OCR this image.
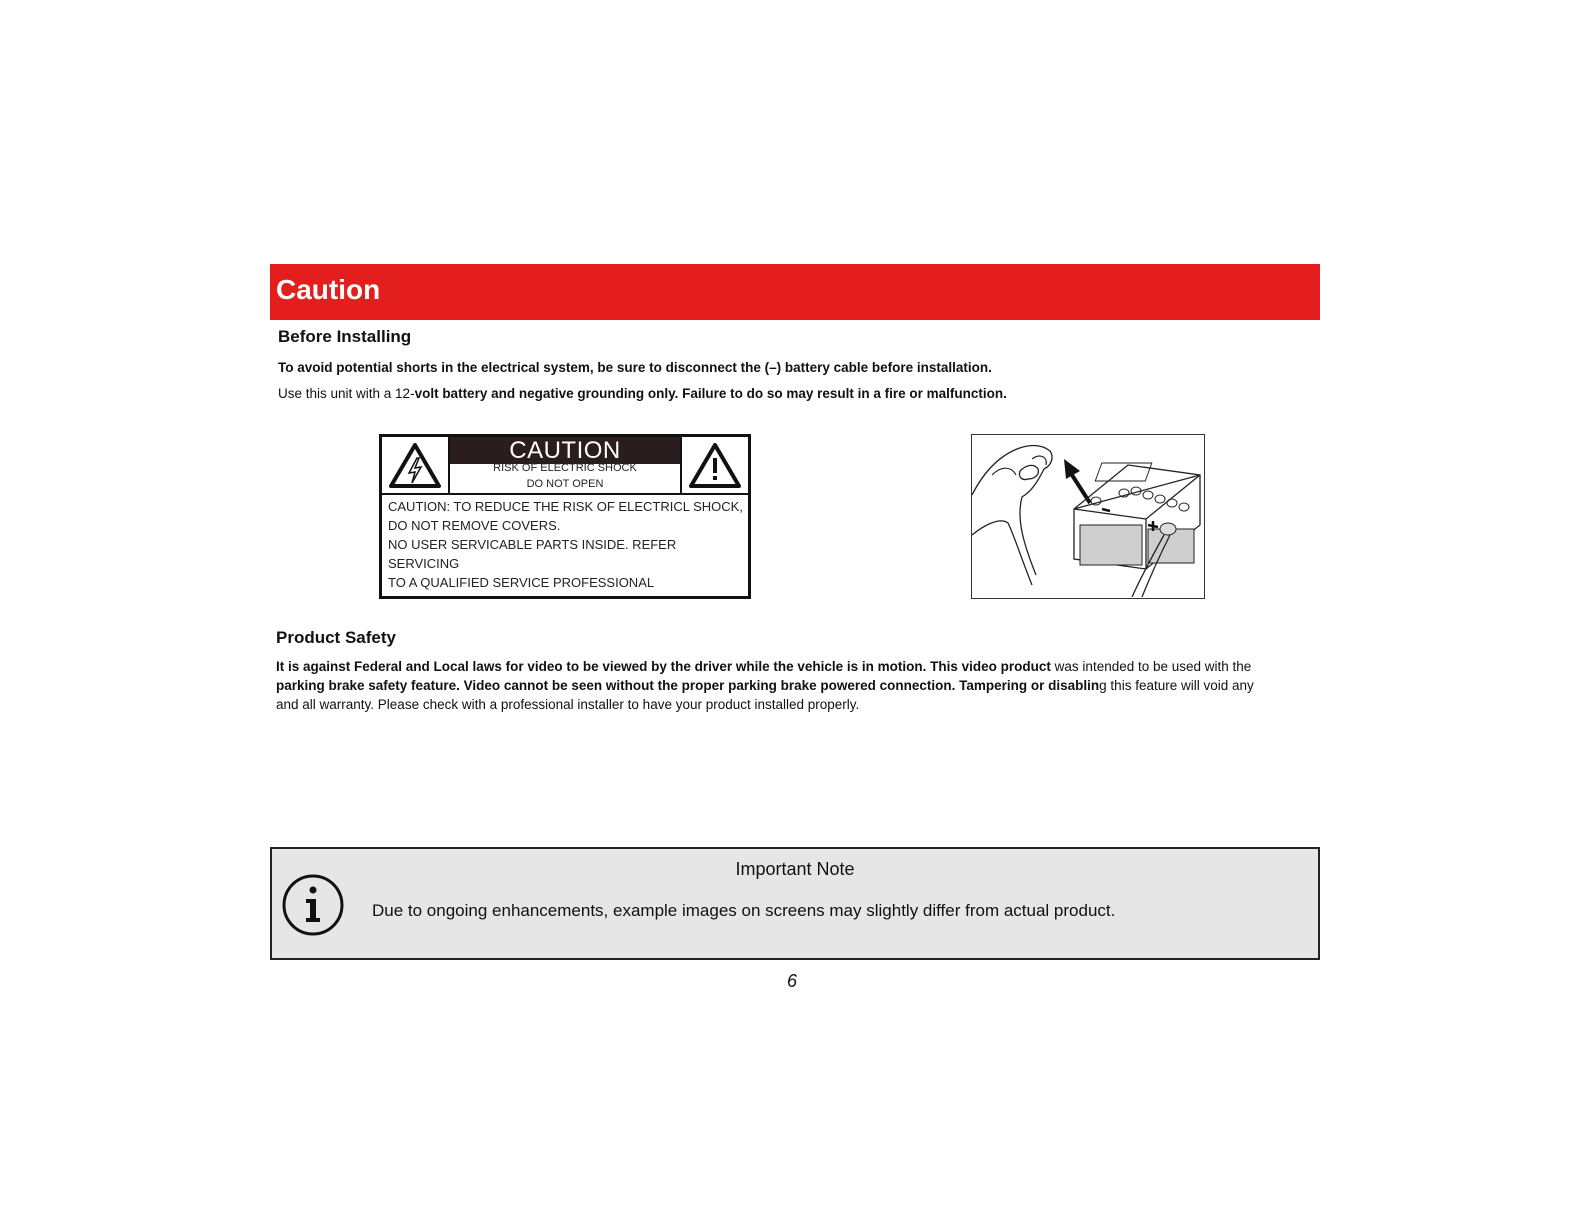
Caution
Before Installing
To avoid potential shorts in the electrical system, be sure to disconnect the (–) battery cable before installation.
Use this unit with a 12-volt battery and negative grounding only. Failure to do so may result in a fire or malfunction.
CAUTION
RISK OF ELECTRIC SHOCK
DO NOT OPEN
CAUTION: TO REDUCE THE RISK OF ELECTRICL SHOCK,
DO NOT REMOVE COVERS.
NO USER SERVICABLE PARTS INSIDE. REFER SERVICING
TO A QUALIFIED SERVICE PROFESSIONAL
Product Safety
It is against Federal and Local laws for video to be viewed by the driver while the vehicle is in motion. This video product was intended to be used with the
parking brake safety feature. Video cannot be seen without the proper parking brake powered connection. Tampering or disabling this feature will void any
and all warranty. Please check with a professional installer to have your product installed properly.
Important Note
Due to ongoing enhancements, example images on screens may slightly differ from actual product.
6
